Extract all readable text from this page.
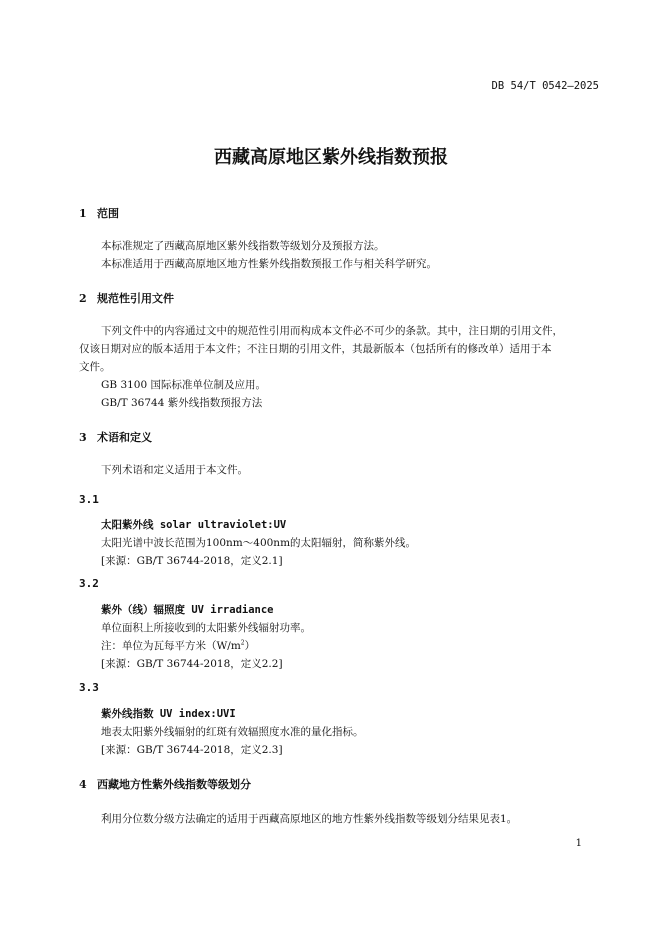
DB 54/T 0542—2025
西藏高原地区紫外线指数预报
1 范围
本标准规定了西藏高原地区紫外线指数等级划分及预报方法。
本标准适用于西藏高原地区地方性紫外线指数预报工作与相关科学研究。
2 规范性引用文件
下列文件中的内容通过文中的规范性引用而构成本文件必不可少的条款。其中，注日期的引用文件，
仅该日期对应的版本适用于本文件；不注日期的引用文件，其最新版本（包括所有的修改单）适用于本
文件。
GB 3100 国际标准单位制及应用。
GB/T 36744 紫外线指数预报方法
3 术语和定义
下列术语和定义适用于本文件。
3.1
太阳紫外线 solar ultraviolet:UV
太阳光谱中波长范围为100nm～400nm的太阳辐射，简称紫外线。
[来源：GB/T 36744-2018，定义2.1]
3.2
紫外（线）辐照度 UV irradiance
单位面积上所接收到的太阳紫外线辐射功率。
注：单位为瓦每平方米$(W/m^2)$
[来源：GB/T 36744-2018，定义2.2]
3.3
紫外线指数 UV index:UVI
地表太阳紫外线辐射的红斑有效辐照度水准的量化指标。
[来源：GB/T 36744-2018，定义2.3]
4 西藏地方性紫外线指数等级划分
利用分位数分级方法确定的适用于西藏高原地区的地方性紫外线指数等级划分结果见表1。
1
